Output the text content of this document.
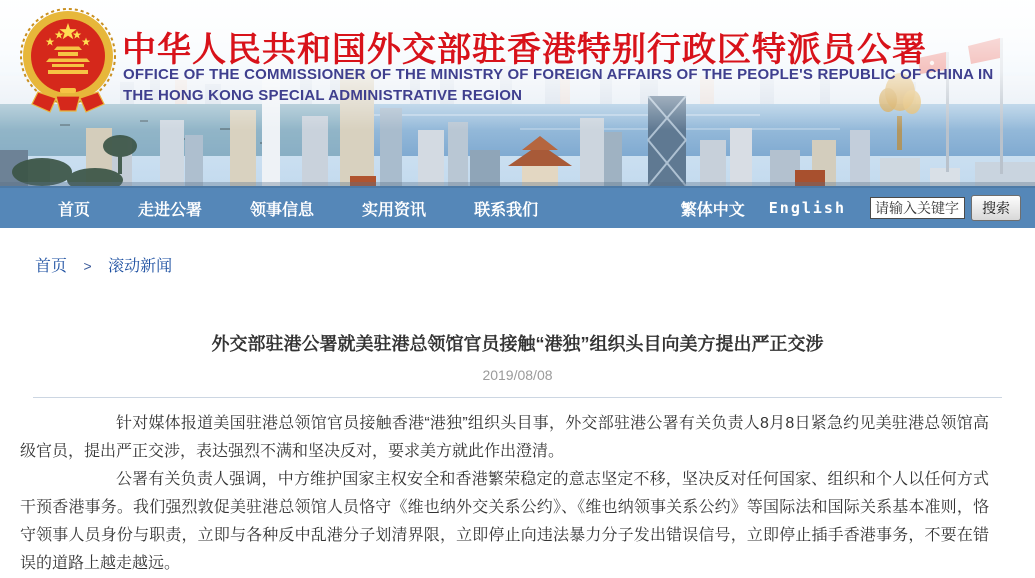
中华人民共和国外交部驻香港特别行政区特派员公署
OFFICE OF THE COMMISSIONER OF THE MINISTRY OF FOREIGN AFFAIRS OF THE PEOPLE'S REPUBLIC OF CHINA IN
THE HONG KONG SPECIAL ADMINISTRATIVE REGION
首页	走进公署	领事信息	实用资讯	联系我们	繁体中文 English
请输入关键字	搜索
首页 > 滚动新闻
外交部驻港公署就美驻港总领馆官员接触“港独”组织头目向美方提出严正交涉
2019/08/08

针对媒体报道美国驻港总领馆官员接触香港“港独”组织头目事，外交部驻港公署有关负责人8月8日紧急约见美驻港总领馆高级官员，提出严正交涉，表达强烈不满和坚决反对，要求美方就此作出澄清。

公署有关负责人强调，中方维护国家主权安全和香港繁荣稳定的意志坚定不移，坚决反对任何国家、组织和个人以任何方式干预香港事务。我们强烈敦促美驻港总领馆人员恪守《维也纳外交关系公约》、《维也纳领事关系公约》等国际法和国际关系基本准则，恪守领事人员身份与职责，立即与各种反中乱港分子划清界限，立即停止向违法暴力分子发出错误信号，立即停止插手香港事务，不要在错误的道路上越走越远。
